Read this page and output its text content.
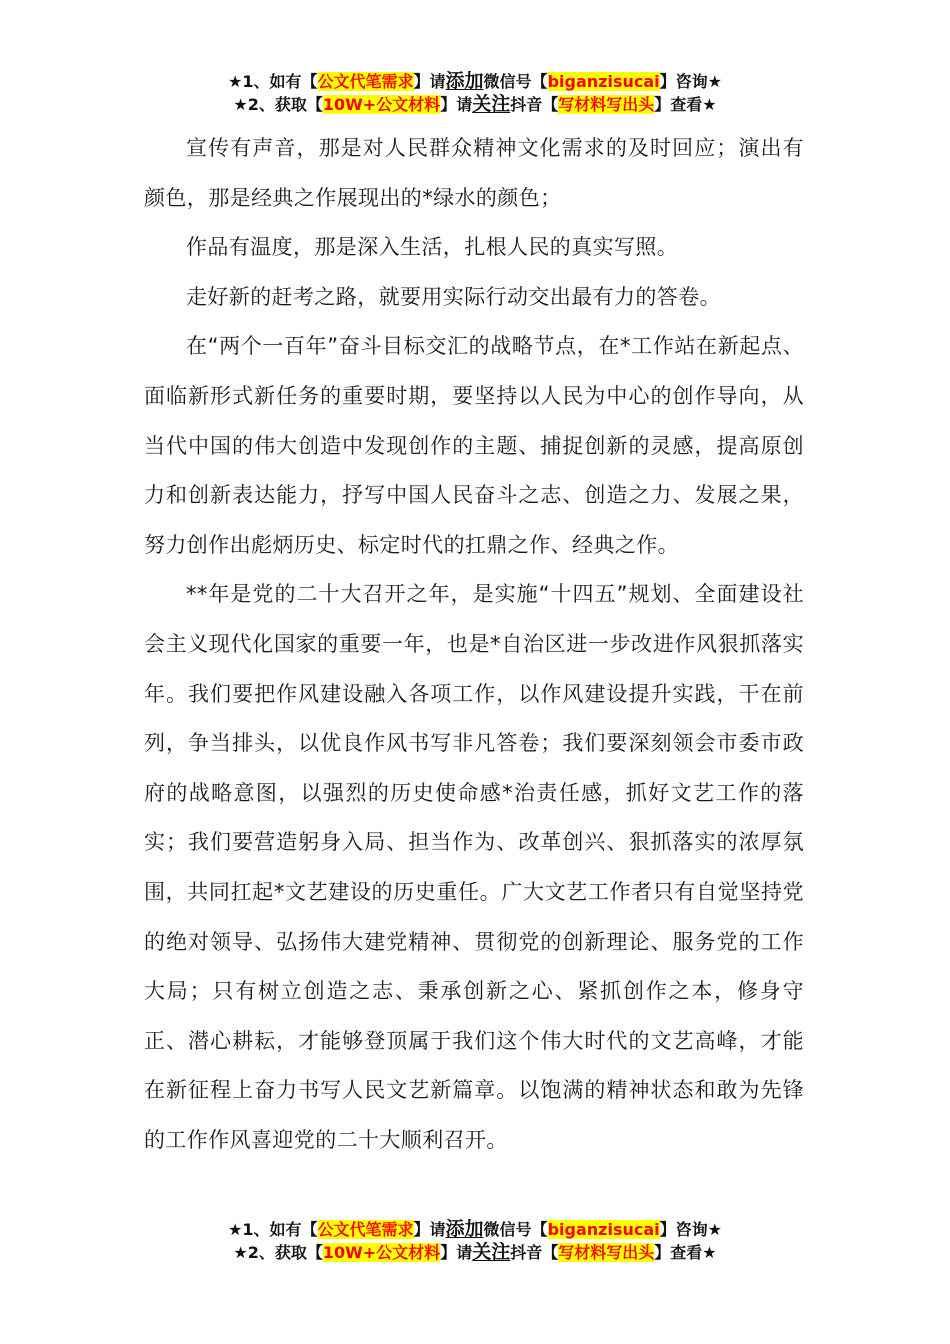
★1、如有【公文代笔需求】请添加微信号【biganzisucai】咨询★
★2、获取【10W+公文材料】请关注抖音【写材料写出头】查看★

宣传有声音，那是对人民群众精神文化需求的及时回应；演出有颜色，那是经典之作展现出的*绿水的颜色；

作品有温度，那是深入生活，扎根人民的真实写照。

走好新的赶考之路，就要用实际行动交出最有力的答卷。

在“两个一百年”奋斗目标交汇的战略节点，在*工作站在新起点、面临新形式新任务的重要时期，要坚持以人民为中心的创作导向，从当代中国的伟大创造中发现创作的主题、捕捉创新的灵感，提高原创力和创新表达能力，抒写中国人民奋斗之志、创造之力、发展之果，努力创作出彪炳历史、标定时代的扛鼎之作、经典之作。

**年是党的二十大召开之年，是实施“十四五”规划、全面建设社会主义现代化国家的重要一年，也是*自治区进一步改进作风狠抓落实年。我们要把作风建设融入各项工作，以作风建设提升实践，干在前列，争当排头，以优良作风书写非凡答卷；我们要深刻领会市委市政府的战略意图，以强烈的历史使命感*治责任感，抓好文艺工作的落实；我们要营造躬身入局、担当作为、改革创兴、狠抓落实的浓厚氛围，共同扛起*文艺建设的历史重任。广大文艺工作者只有自觉坚持党的绝对领导、弘扬伟大建党精神、贯彻党的创新理论、服务党的工作大局；只有树立创造之志、秉承创新之心、紧抓创作之本，修身守正、潜心耕耘，才能够登顶属于我们这个伟大时代的文艺高峰，才能在新征程上奋力书写人民文艺新篇章。以饱满的精神状态和敢为先锋的工作作风喜迎党的二十大顺利召开。

★1、如有【公文代笔需求】请添加微信号【biganzisucai】咨询★
★2、获取【10W+公文材料】请关注抖音【写材料写出头】查看★
